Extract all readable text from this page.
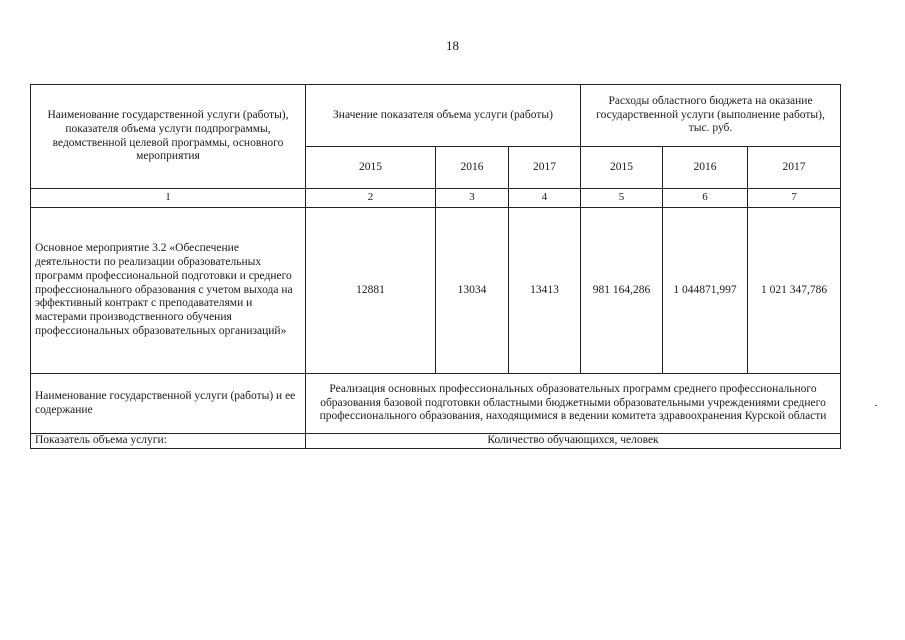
18
Наименование государственной услуги (работы), показателя объема услуги подпрограммы, ведомственной целевой программы, основного мероприятия	Значение показателя объема услуги (работы)			Расходы областного бюджета на оказание государственной услуги (выполнение работы), тыс. руб.		
	2015	2016	2017	2015	2016	2017
1	2	3	4	5	6	7
Основное мероприятие 3.2 «Обеспечение деятельности по реализации образовательных программ профессиональной подготовки и среднего профессионального образования с учетом выхода на эффективный контракт с преподавателями и мастерами производственного обучения профессиональных образовательных организаций»	12881	13034	13413	981 164,286	1 044871,997	1 021 347,786
Наименование государственной услуги (работы) и ее содержание	Реализация основных профессиональных образовательных программ среднего профессионального образования базовой подготовки областными бюджетными образовательными учреждениями среднего профессионального образования, находящимися в ведении комитета здравоохранения Курской области					
Показатель объема услуги:	Количество обучающихся, человек					
